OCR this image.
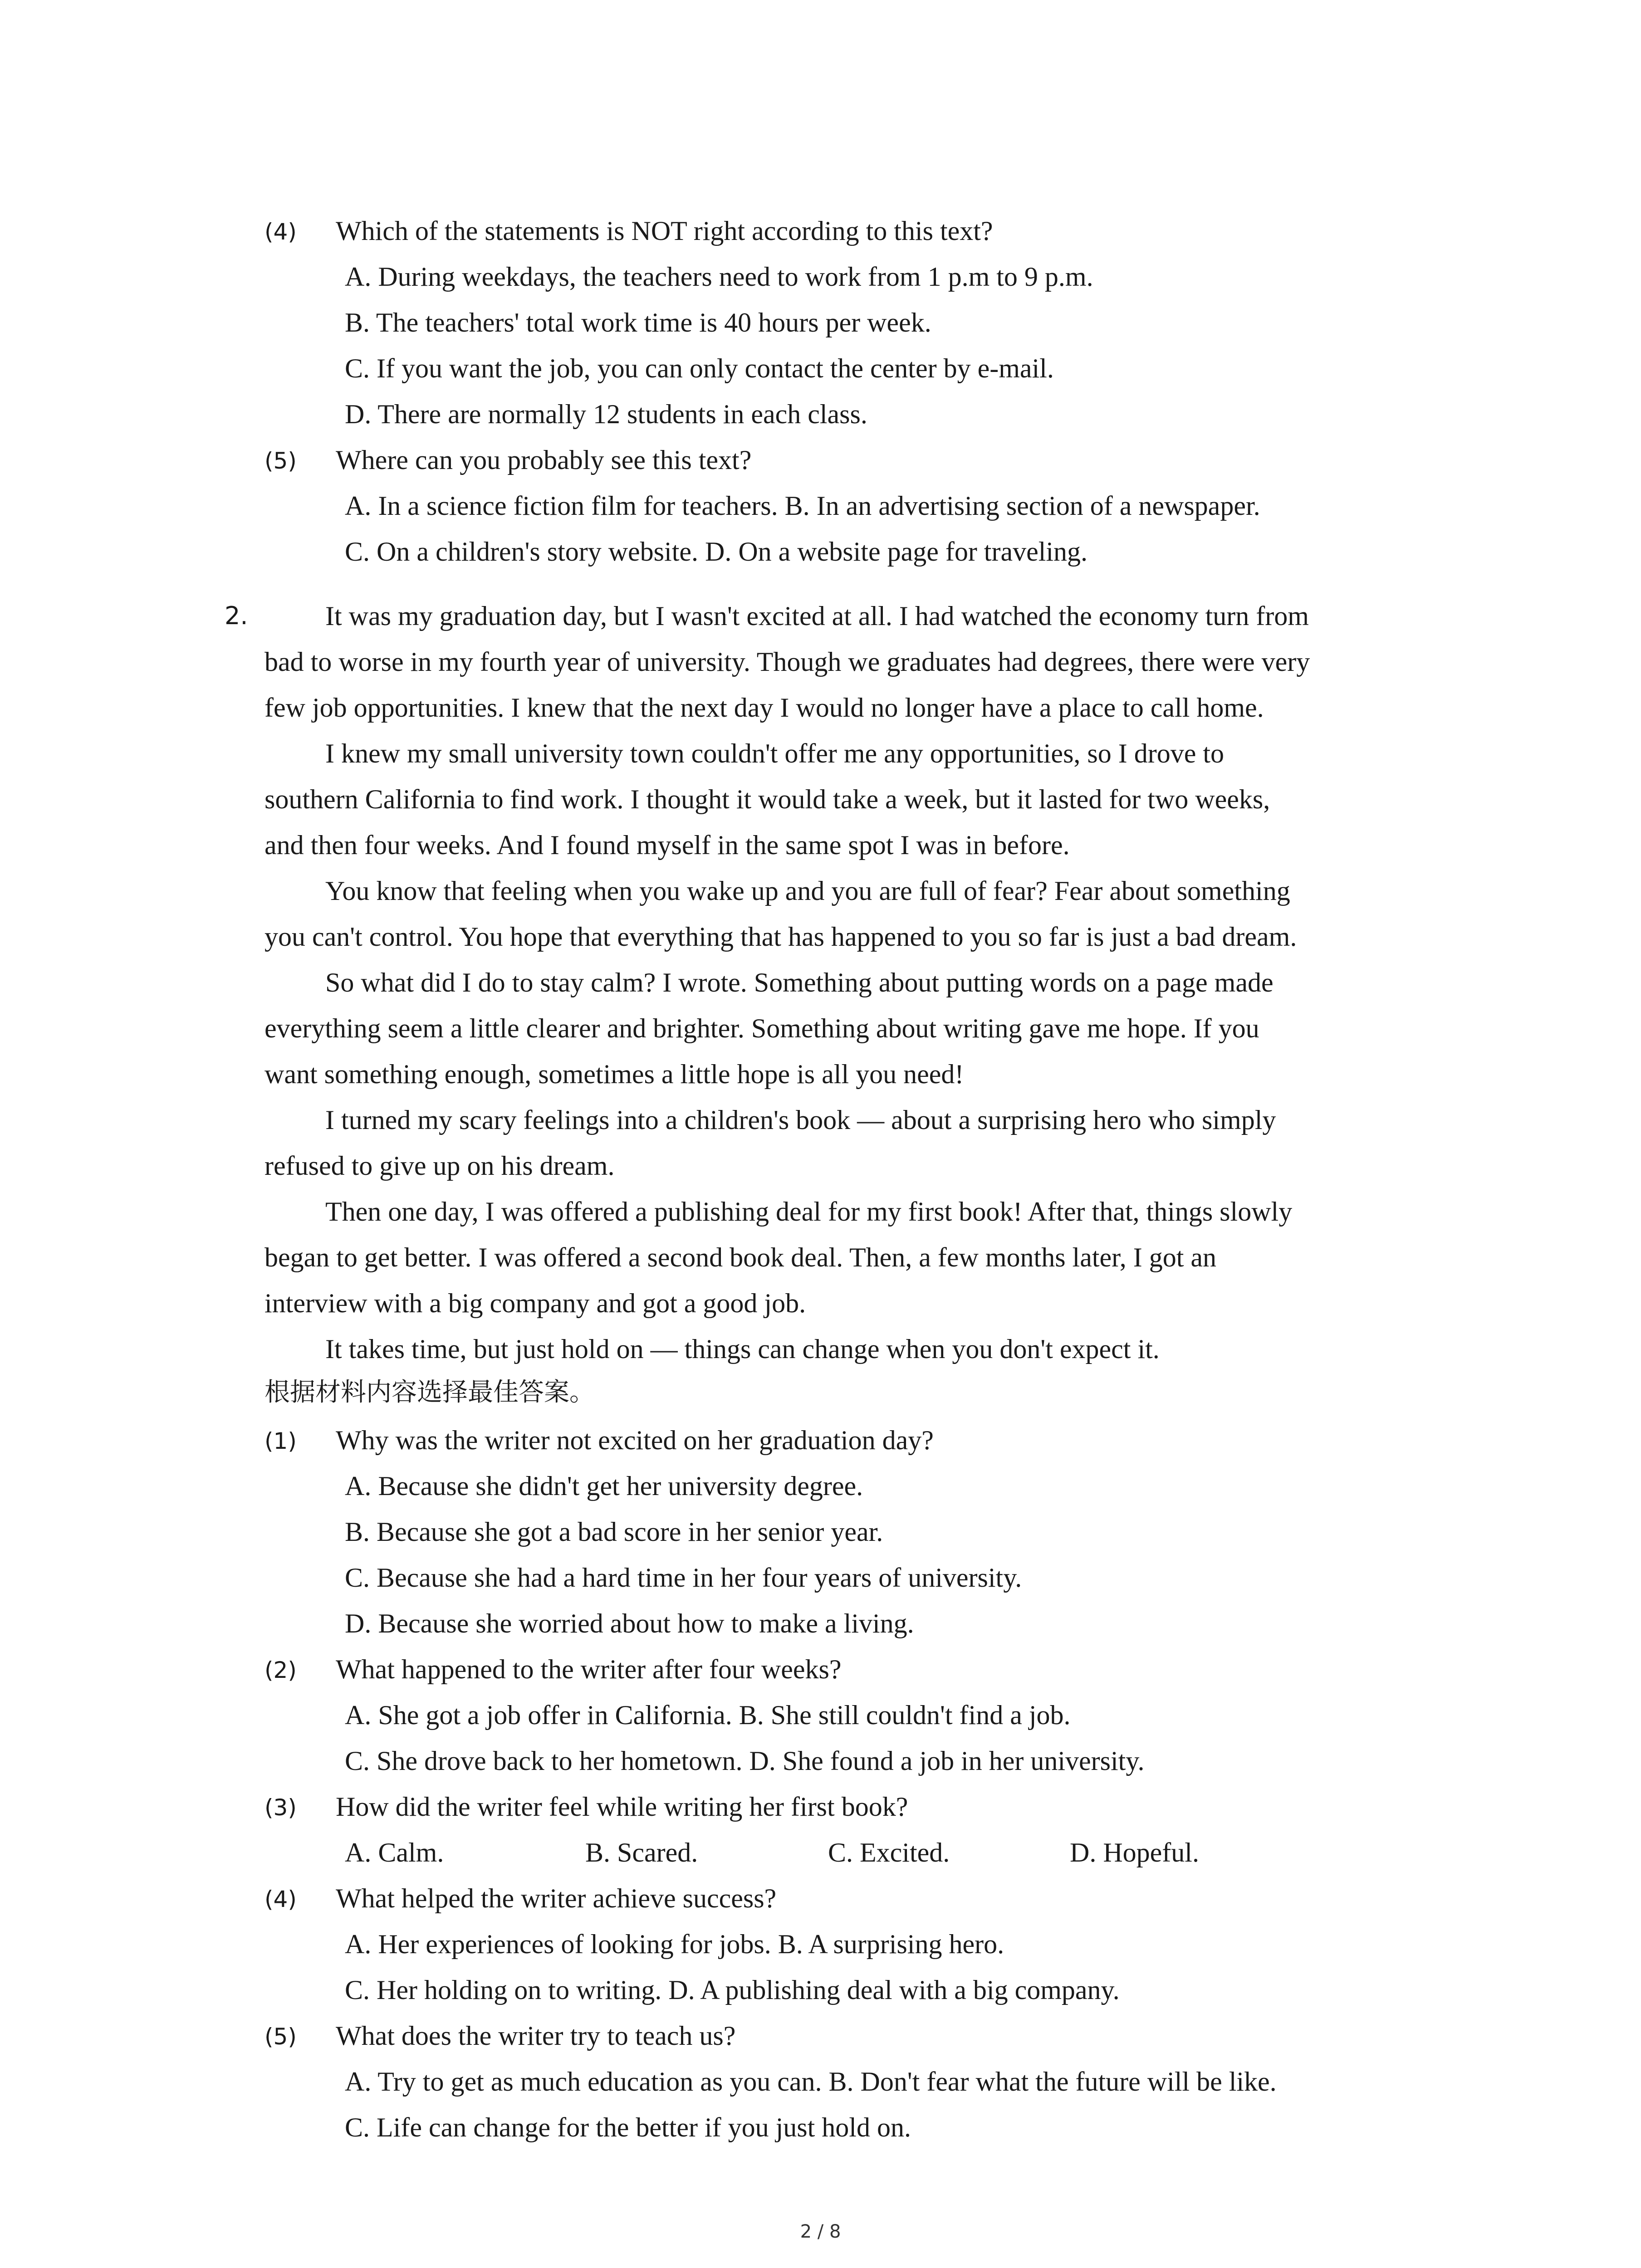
(4) Which of the statements is NOT right according to this text?
A. During weekdays, the teachers need to work from 1 p.m to 9 p.m.
B. The teachers' total work time is 40 hours per week.
C. If you want the job, you can only contact the center by e-mail.
D. There are normally 12 students in each class.
(5) Where can you probably see this text?
A. In a science fiction film for teachers. B. In an advertising section of a newspaper.
C. On a children's story website. D. On a website page for traveling.
2.	It was my graduation day, but I wasn't excited at all. I had watched the economy turn from
bad to worse in my fourth year of university. Though we graduates had degrees, there were very
few job opportunities. I knew that the next day I would no longer have a place to call home.
I knew my small university town couldn't offer me any opportunities, so I drove to
southern California to find work. I thought it would take a week, but it lasted for two weeks,
and then four weeks. And I found myself in the same spot I was in before.
You know that feeling when you wake up and you are full of fear? Fear about something
you can't control. You hope that everything that has happened to you so far is just a bad dream.
So what did I do to stay calm? I wrote. Something about putting words on a page made
everything seem a little clearer and brighter. Something about writing gave me hope. If you
want something enough, sometimes a little hope is all you need!
I turned my scary feelings into a children's book — about a surprising hero who simply
refused to give up on his dream.
Then one day, I was offered a publishing deal for my first book! After that, things slowly
began to get better. I was offered a second book deal. Then, a few months later, I got an
interview with a big company and got a good job.
It takes time, but just hold on — things can change when you don't expect it.
根据材料内容选择最佳答案。
(1) Why was the writer not excited on her graduation day?
A. Because she didn't get her university degree.
B. Because she got a bad score in her senior year.
C. Because she had a hard time in her four years of university.
D. Because she worried about how to make a living.
(2) What happened to the writer after four weeks?
A. She got a job offer in California. B. She still couldn't find a job.
C. She drove back to her hometown. D. She found a job in her university.
(3) How did the writer feel while writing her first book?
A. Calm.	B. Scared.	C. Excited.	D. Hopeful.
(4) What helped the writer achieve success?
A. Her experiences of looking for jobs. B. A surprising hero.
C. Her holding on to writing. D. A publishing deal with a big company.
(5) What does the writer try to teach us?
A. Try to get as much education as you can. B. Don't fear what the future will be like.
C. Life can change for the better if you just hold on.
2 / 8
